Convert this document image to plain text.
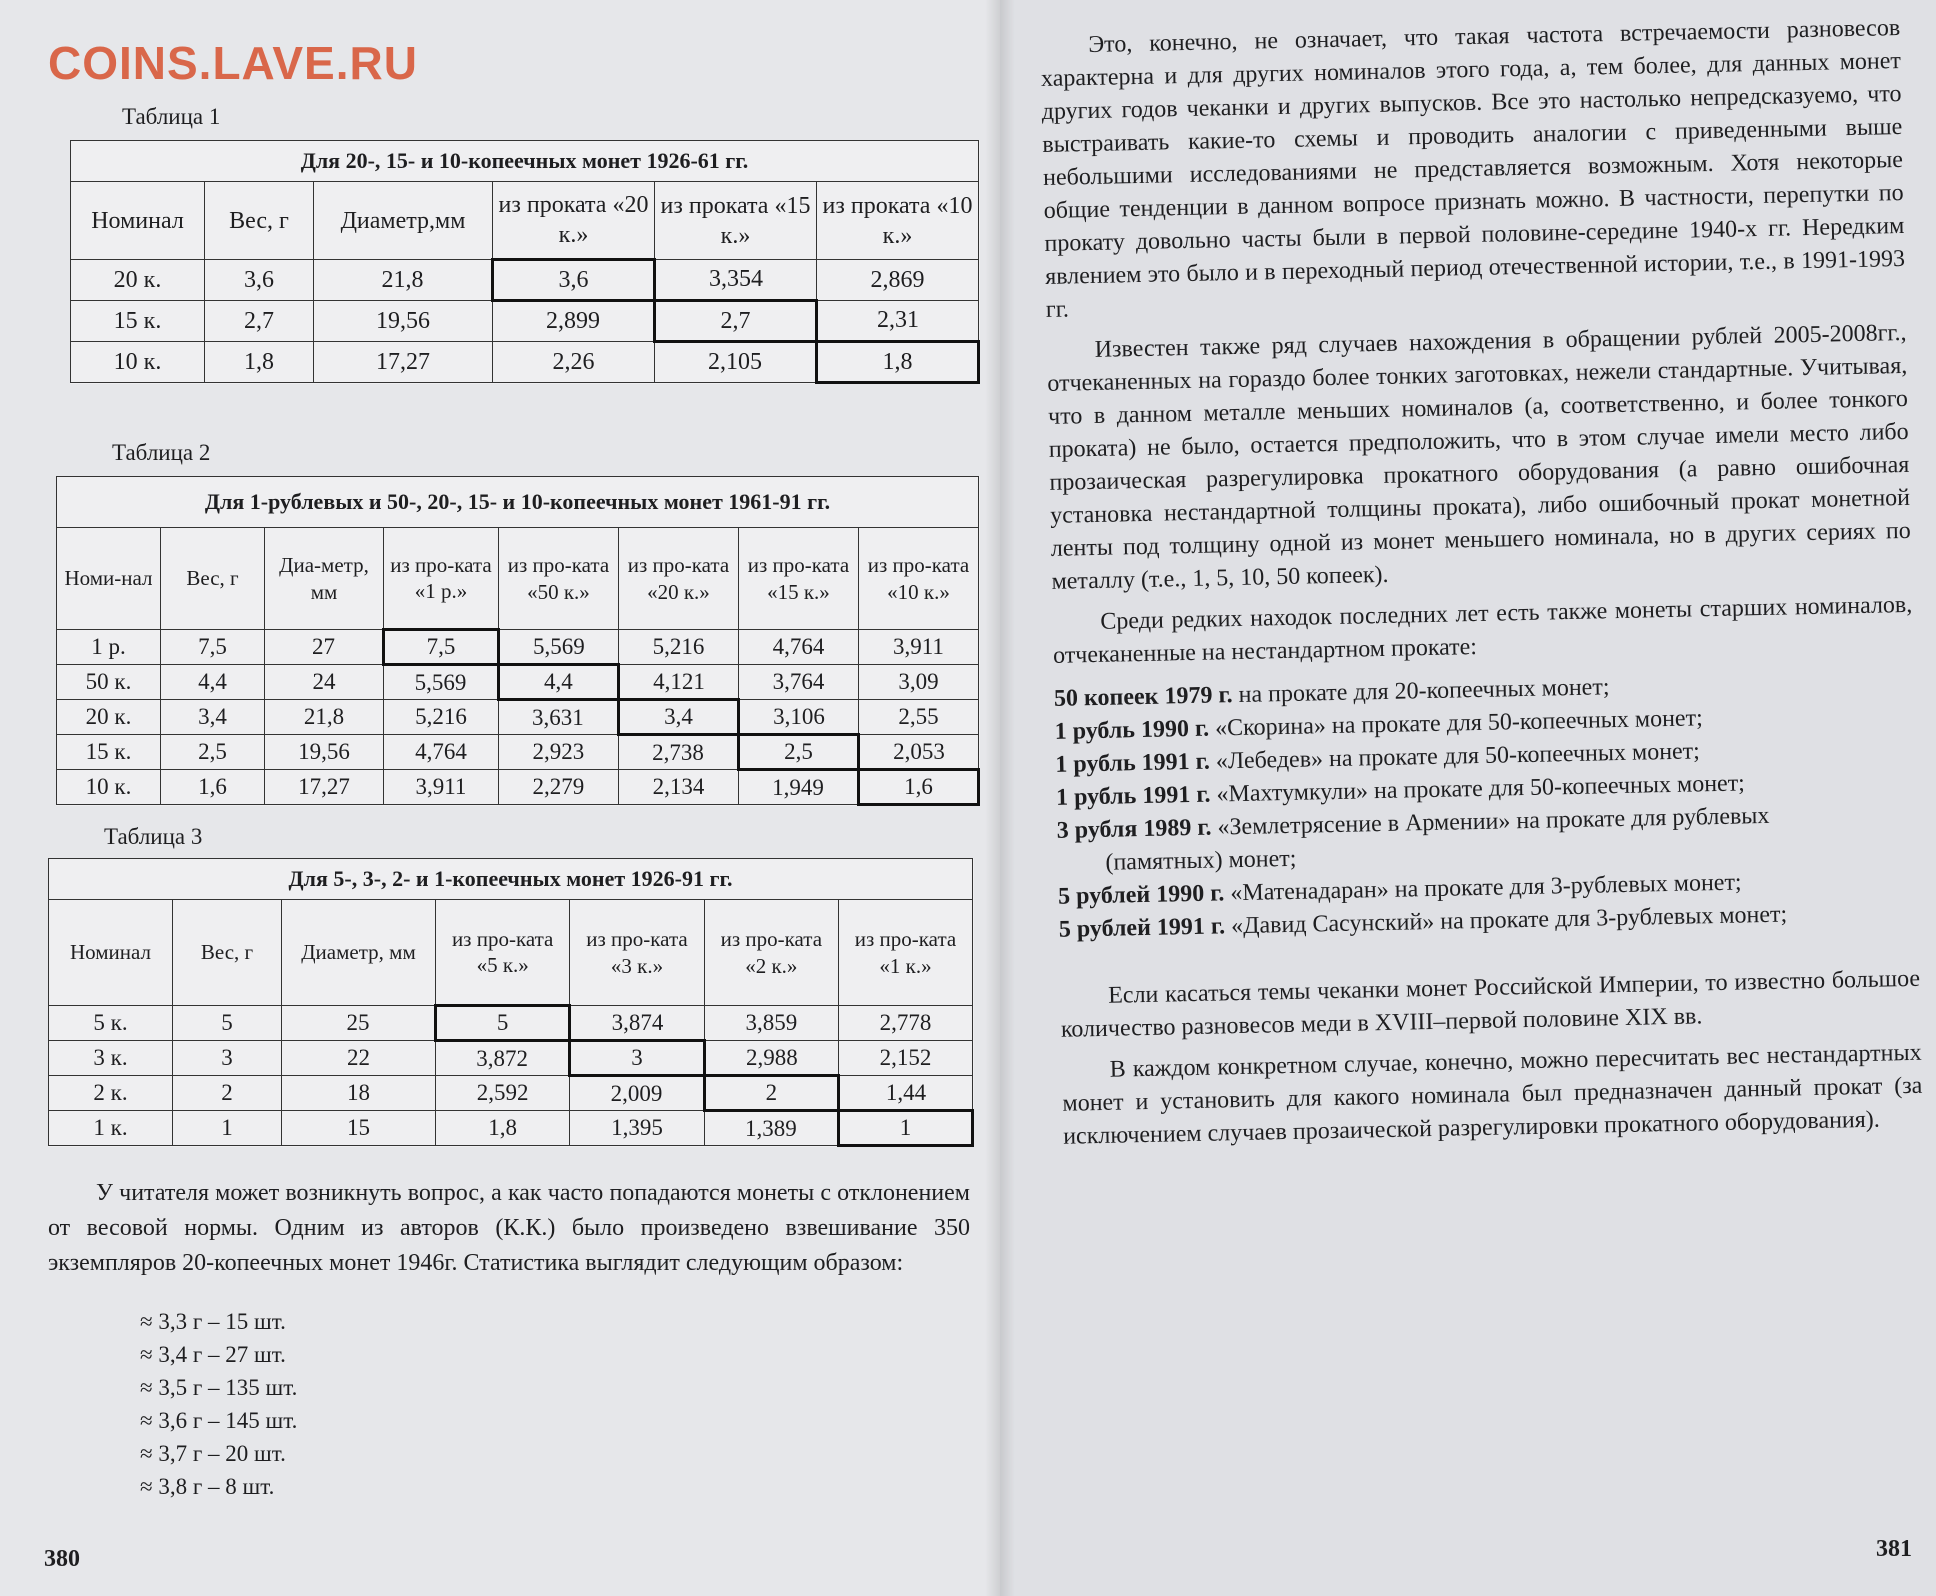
COINS.LAVE.RU
Таблица 1
Для 20-, 15- и 10-копеечных монет 1926-61 гг.					
Номинал	Вес, г	Диаметр,мм	из проката «20 к.»	из проката «15 к.»	из проката «10 к.»
20 к.	3,6	21,8	3,6	3,354	2,869
15 к.	2,7	19,56	2,899	2,7	2,31
10 к.	1,8	17,27	2,26	2,105	1,8
Таблица 2
Для 1-рублевых и 50-, 20-, 15- и 10-копеечных монет 1961-91 гг.							
Номи-нал	Вес, г	Диа-метр, мм	из про-ката «1 р.»	из про-ката «50 к.»	из про-ката «20 к.»	из про-ката «15 к.»	из про-ката «10 к.»
1 р.	7,5	27	7,5	5,569	5,216	4,764	3,911
50 к.	4,4	24	5,569	4,4	4,121	3,764	3,09
20 к.	3,4	21,8	5,216	3,631	3,4	3,106	2,55
15 к.	2,5	19,56	4,764	2,923	2,738	2,5	2,053
10 к.	1,6	17,27	3,911	2,279	2,134	1,949	1,6
Таблица 3
Для 5-, 3-, 2- и 1-копеечных монет 1926-91 гг.						
Номинал	Вес, г	Диаметр, мм	из про-ката «5 к.»	из про-ката «3 к.»	из про-ката «2 к.»	из про-ката «1 к.»
5 к.	5	25	5	3,874	3,859	2,778
3 к.	3	22	3,872	3	2,988	2,152
2 к.	2	18	2,592	2,009	2	1,44
1 к.	1	15	1,8	1,395	1,389	1
У читателя может возникнуть вопрос, а как часто попадаются монеты с отклонением от весовой нормы. Одним из авторов (К.К.) было произведено взвешивание 350 экземпляров 20-копеечных монет 1946г. Статистика выглядит следующим образом:
≈ 3,3 г – 15 шт.
≈ 3,4 г – 27 шт.
≈ 3,5 г – 135 шт.
≈ 3,6 г – 145 шт.
≈ 3,7 г – 20 шт.
≈ 3,8 г – 8 шт.
380

Это, конечно, не означает, что такая частота встречаемости разновесов характерна и для других номиналов этого года, а, тем более, для данных монет других годов чеканки и других выпусков. Все это настолько непредсказуемо, что выстраивать какие-то схемы и проводить аналогии с приведенными выше небольшими исследованиями не представляется возможным. Хотя некоторые общие тенденции в данном вопросе признать можно. В частности, перепутки по прокату довольно часты были в первой половине-середине 1940-х гг. Нередким явлением это было и в переходный период отечественной истории, т.е., в 1991-1993 гг.

Известен также ряд случаев нахождения в обращении рублей 2005-2008гг., отчеканенных на гораздо более тонких заготовках, нежели стандартные. Учитывая, что в данном металле меньших номиналов (а, соответственно, и более тонкого проката) не было, остается предположить, что в этом случае имели место либо прозаическая разрегулировка прокатного оборудования (а равно ошибочная установка нестандартной толщины проката), либо ошибочный прокат монетной ленты под толщину одной из монет меньшего номинала, но в других сериях по металлу (т.е., 1, 5, 10, 50 копеек).

Среди редких находок последних лет есть также монеты старших номиналов, отчеканенные на нестандартном прокате:

50 копеек 1979 г. на прокате для 20-копеечных монет;
1 рубль 1990 г. «Скорина» на прокате для 50-копеечных монет;
1 рубль 1991 г. «Лебедев» на прокате для 50-копеечных монет;
1 рубль 1991 г. «Махтумкули» на прокате для 50-копеечных монет;
3 рубля 1989 г. «Землетрясение в Армении» на прокате для рублевых
(памятных) монет;
5 рублей 1990 г. «Матенадаран» на прокате для 3-рублевых монет;
5 рублей 1991 г. «Давид Сасунский» на прокате для 3-рублевых монет;

Если касаться темы чеканки монет Российской Империи, то известно большое количество разновесов меди в XVIII–первой половине XIX вв.

В каждом конкретном случае, конечно, можно пересчитать вес нестандартных монет и установить для какого номинала был предназначен данный прокат (за исключением случаев прозаической разрегулировки прокатного оборудования).

381
